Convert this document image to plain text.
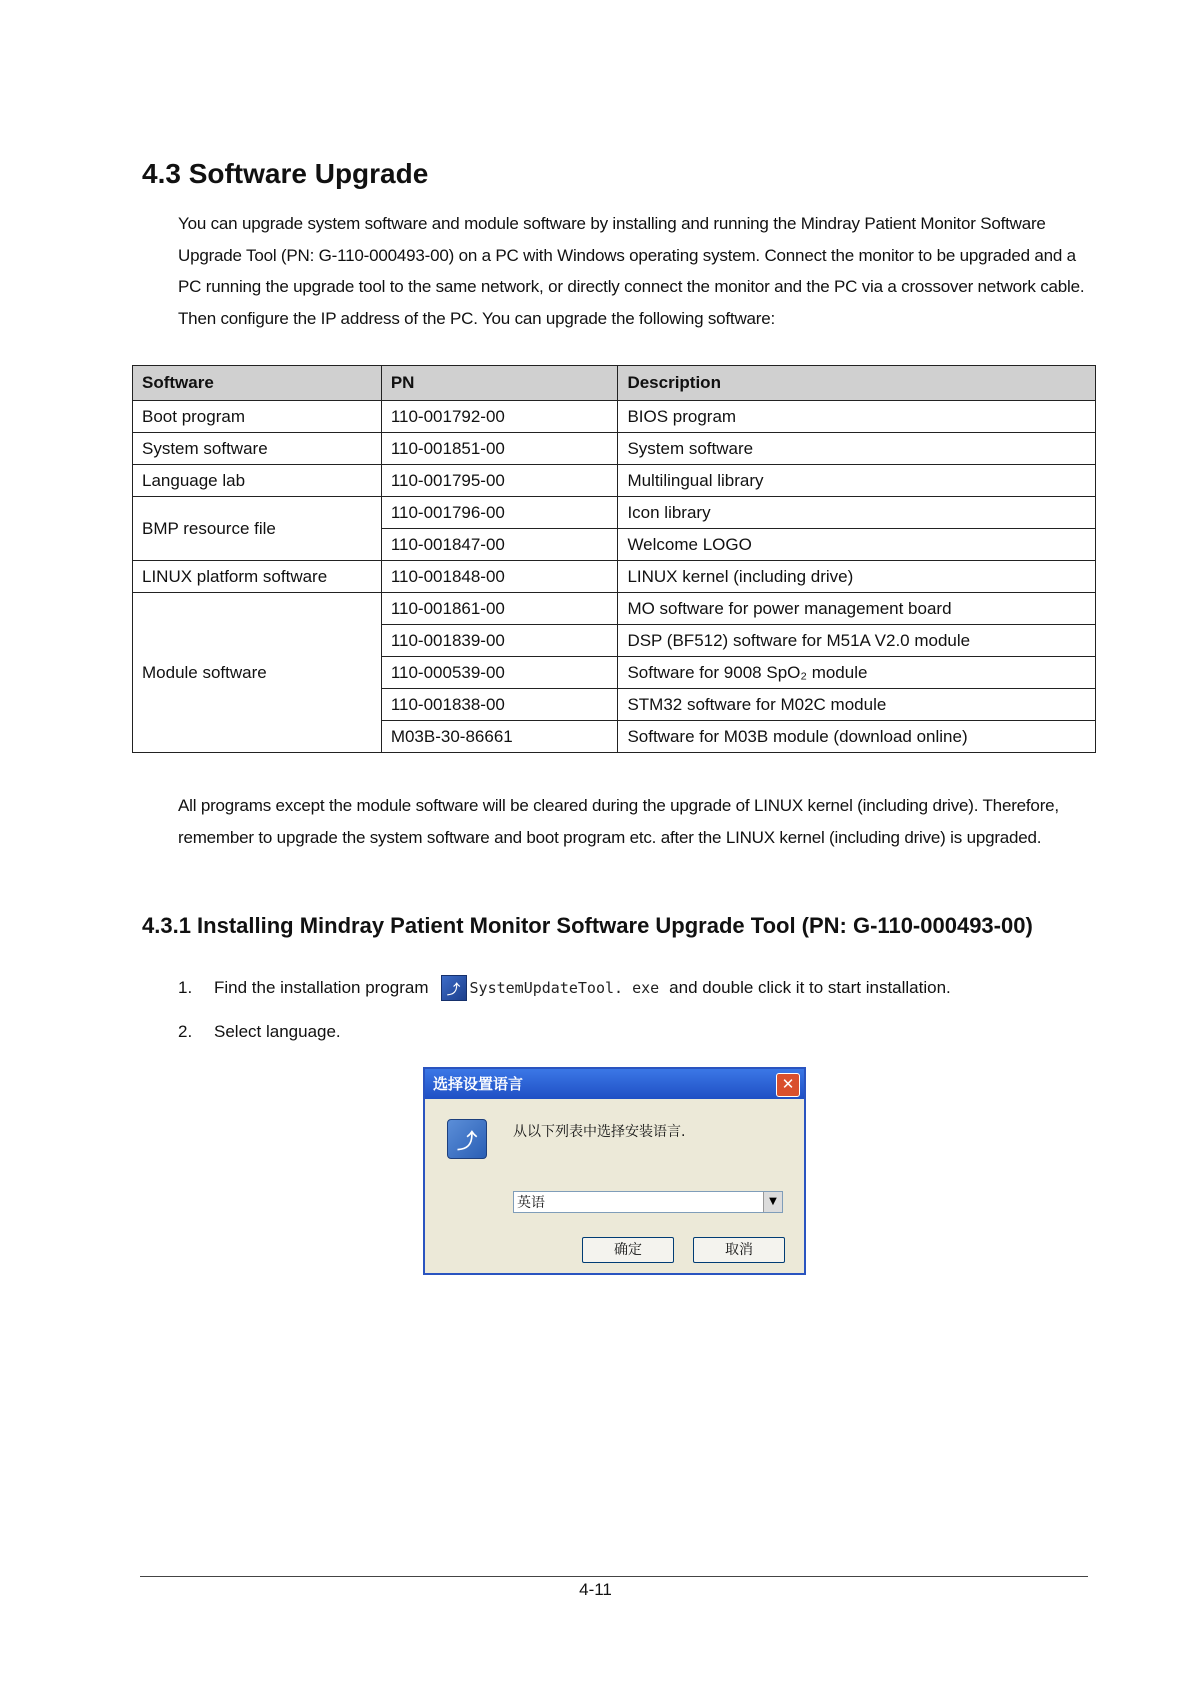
4.3 Software Upgrade

You can upgrade system software and module software by installing and running the Mindray Patient Monitor Software Upgrade Tool (PN: G-110-000493-00) on a PC with Windows operating system. Connect the monitor to be upgraded and a PC running the upgrade tool to the same network, or directly connect the monitor and the PC via a crossover network cable. Then configure the IP address of the PC. You can upgrade the following software:

Software	PN	Description
Boot program	110-001792-00	BIOS program
System software	110-001851-00	System software
Language lab	110-001795-00	Multilingual library
BMP resource file	110-001796-00	Icon library
	110-001847-00	Welcome LOGO
LINUX platform software	110-001848-00	LINUX kernel (including drive)
Module software	110-001861-00	MO software for power management board
	110-001839-00	DSP (BF512) software for M51A V2.0 module
	110-000539-00	Software for 9008 SpO₂ module
	110-001838-00	STM32 software for M02C module
	M03B-30-86661	Software for M03B module (download online)

All programs except the module software will be cleared during the upgrade of LINUX kernel (including drive). Therefore, remember to upgrade the system software and boot program etc. after the LINUX kernel (including drive) is upgraded.

4.3.1 Installing Mindray Patient Monitor Software Upgrade Tool (PN: G-110-000493-00)
1.	Find the installation program	⤴ SystemUpdateTool. exe and double click it to start installation.
2.	Select language.
选择设置语言	✕
⤴	从以下列表中选择安装语言.
英语	▼
确定	取消
4-11
